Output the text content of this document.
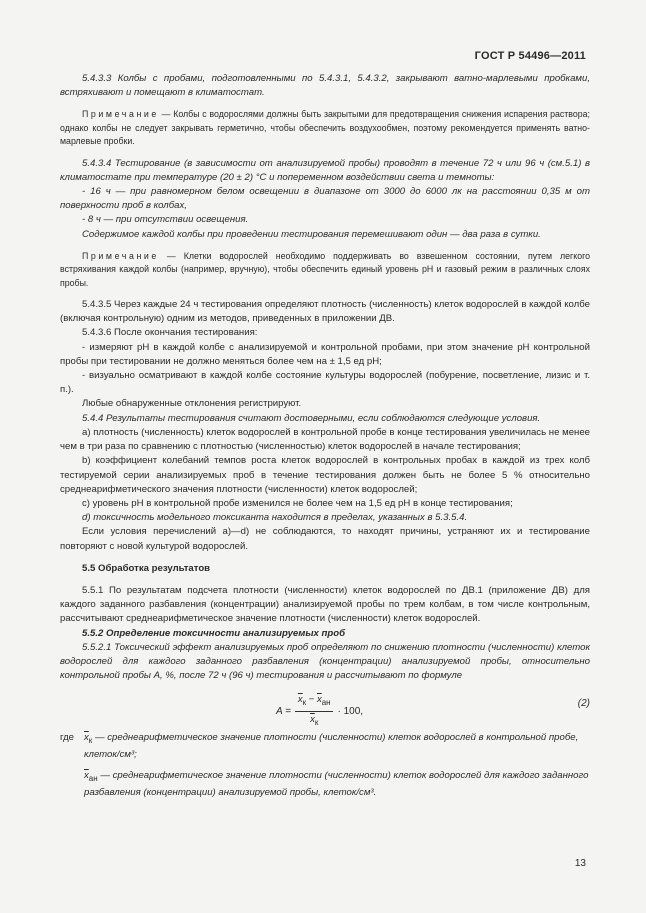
ГОСТ Р 54496—2011

5.4.3.3 Колбы с пробами, подготовленными по 5.4.3.1, 5.4.3.2, закрывают ватно-марлевыми пробками, встряхивают и помещают в климатостат.

Примечание — Колбы с водорослями должны быть закрытыми для предотвращения снижения испарения раствора; однако колбы не следует закрывать герметично, чтобы обеспечить воздухообмен, поэтому рекомендуется применять ватно-марлевые пробки.

5.4.3.4 Тестирование (в зависимости от анализируемой пробы) проводят в течение 72 ч или 96 ч (см.5.1) в климатостате при температуре (20 ± 2) °С и попеременном воздействии света и темноты:

- 16 ч — при равномерном белом освещении в диапазоне от 3000 до 6000 лк на расстоянии 0,35 м от поверхности проб в колбах,

- 8 ч — при отсутствии освещения.

Содержимое каждой колбы при проведении тестирования перемешивают один — два раза в сутки.

Примечание — Клетки водорослей необходимо поддерживать во взвешенном состоянии, путем легкого встряхивания каждой колбы (например, вручную), чтобы обеспечить единый уровень рН и газовый режим в различных слоях пробы.

5.4.3.5 Через каждые 24 ч тестирования определяют плотность (численность) клеток водорослей в каждой колбе (включая контрольную) одним из методов, приведенных в приложении ДВ.

5.4.3.6 После окончания тестирования:

- измеряют рН в каждой колбе с анализируемой и контрольной пробами, при этом значение рН контрольной пробы при тестировании не должно меняться более чем на ± 1,5 ед рН;

- визуально осматривают в каждой колбе состояние культуры водорослей (побурение, посветление, лизис и т. п.).

Любые обнаруженные отклонения регистрируют.

5.4.4 Результаты тестирования считают достоверными, если соблюдаются следующие условия.

а) плотность (численность) клеток водорослей в контрольной пробе в конце тестирования увеличилась не менее чем в три раза по сравнению с плотностью (численностью) клеток водорослей в начале тестирования;

b) коэффициент колебаний темпов роста клеток водорослей в контрольных пробах в каждой из трех колб тестируемой серии анализируемых проб в течение тестирования должен быть не более 5 % относительно среднеарифметического значения плотности (численности) клеток водорослей;

c) уровень рН в контрольной пробе изменился не более чем на 1,5 ед рН в конце тестирования;

d) токсичность модельного токсиканта находится в пределах, указанных в 5.3.5.4.

Если условия перечислений а)—d) не соблюдаются, то находят причины, устраняют их и тестирование повторяют с новой культурой водорослей.

5.5 Обработка результатов

5.5.1 По результатам подсчета плотности (численности) клеток водорослей по ДВ.1 (приложение ДВ) для каждого заданного разбавления (концентрации) анализируемой пробы по трем колбам, в том числе контрольным, рассчитывают среднеарифметическое значение плотности (численности) клеток водорослей.

5.5.2 Определение токсичности анализируемых проб

5.5.2.1 Токсический эффект анализируемых проб определяют по снижению плотности (численности) клеток водорослей для каждого заданного разбавления (концентрации) анализируемой пробы, относительно контрольной пробы А, %, после 72 ч (96 ч) тестирования и рассчитывают по формуле

$A = \frac{\overline{x}_к - \overline{x}_{ан}}{\overline{x}_к} \cdot 100$,
(2)
где	$\overline{x}_к$ — среднеарифметическое значение плотности (численности) клеток водорослей в контрольной пробе, клеток/см³;
$\overline{x}_{ан}$ — среднеарифметическое значение плотности (численности) клеток водорослей для каждого заданного разбавления (концентрации) анализируемой пробы, клеток/см³.
13
